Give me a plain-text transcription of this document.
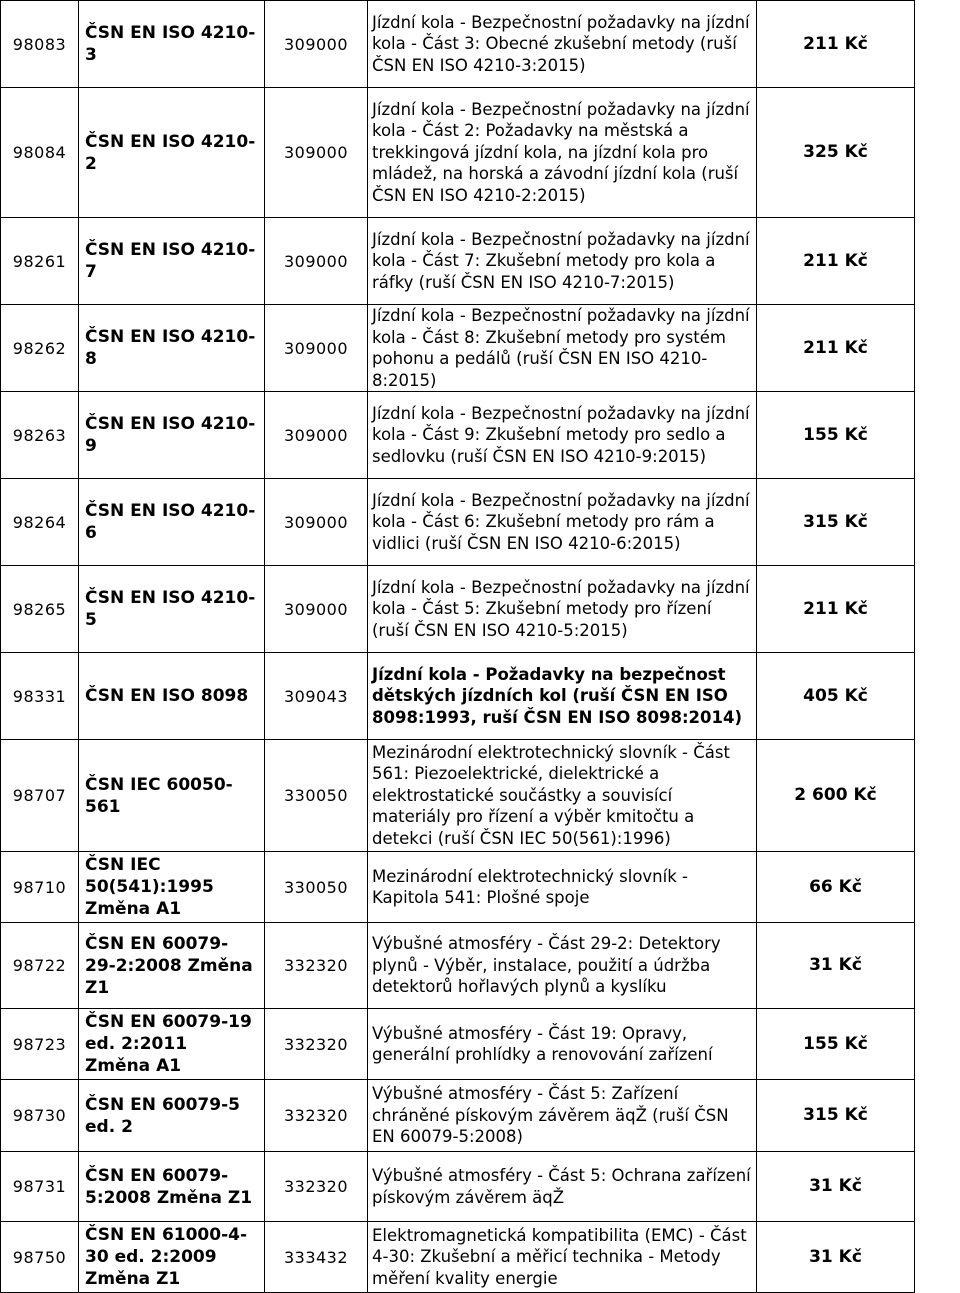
98083	ČSN EN ISO 4210-3	309000	Jízdní kola - Bezpečnostní požadavky na jízdní kola - Část 3: Obecné zkušební metody (ruší ČSN EN ISO 4210-3:2015)	211 Kč	
98084	ČSN EN ISO 4210-2	309000	Jízdní kola - Bezpečnostní požadavky na jízdní kola - Část 2: Požadavky na městská a trekkingová jízdní kola, na jízdní kola pro mládež, na horská a závodní jízdní kola (ruší ČSN EN ISO 4210-2:2015)	325 Kč	
98261	ČSN EN ISO 4210-7	309000	Jízdní kola - Bezpečnostní požadavky na jízdní kola - Část 7: Zkušební metody pro kola a ráfky (ruší ČSN EN ISO 4210-7:2015)	211 Kč	
98262	ČSN EN ISO 4210-8	309000	Jízdní kola - Bezpečnostní požadavky na jízdní kola - Část 8: Zkušební metody pro systém pohonu a pedálů (ruší ČSN EN ISO 4210-8:2015)	211 Kč	
98263	ČSN EN ISO 4210-9	309000	Jízdní kola - Bezpečnostní požadavky na jízdní kola - Část 9: Zkušební metody pro sedlo a sedlovku (ruší ČSN EN ISO 4210-9:2015)	155 Kč	
98264	ČSN EN ISO 4210-6	309000	Jízdní kola - Bezpečnostní požadavky na jízdní kola - Část 6: Zkušební metody pro rám a vidlici (ruší ČSN EN ISO 4210-6:2015)	315 Kč	
98265	ČSN EN ISO 4210-5	309000	Jízdní kola - Bezpečnostní požadavky na jízdní kola - Část 5: Zkušební metody pro řízení (ruší ČSN EN ISO 4210-5:2015)	211 Kč	
98331	ČSN EN ISO 8098	309043	Jízdní kola - Požadavky na bezpečnost dětských jízdních kol (ruší ČSN EN ISO 8098:1993, ruší ČSN EN ISO 8098:2014)	405 Kč	
98707	ČSN IEC 60050-561	330050	Mezinárodní elektrotechnický slovník - Část 561: Piezoelektrické, dielektrické a elektrostatické součástky a souvisící materiály pro řízení a výběr kmitočtu a detekci (ruší ČSN IEC 50(561):1996)	2 600 Kč	
98710	ČSN IEC 50(541):1995 Změna A1	330050	Mezinárodní elektrotechnický slovník - Kapitola 541: Plošné spoje	66 Kč	
98722	ČSN EN 60079-29-2:2008 Změna Z1	332320	Výbušné atmosféry - Část 29-2: Detektory plynů - Výběr, instalace, použití a údržba detektorů hořlavých plynů a kyslíku	31 Kč	
98723	ČSN EN 60079-19 ed. 2:2011 Změna A1	332320	Výbušné atmosféry - Část 19: Opravy, generální prohlídky a renovování zařízení	155 Kč	
98730	ČSN EN 60079-5 ed. 2	332320	Výbušné atmosféry - Část 5: Zařízení chráněné pískovým závěrem äqŽ (ruší ČSN EN 60079-5:2008)	315 Kč	
98731	ČSN EN 60079-5:2008 Změna Z1	332320	Výbušné atmosféry - Část 5: Ochrana zařízení pískovým závěrem äqŽ	31 Kč	
98750	ČSN EN 61000-4-30 ed. 2:2009 Změna Z1	333432	Elektromagnetická kompatibilita (EMC) - Část 4-30: Zkušební a měřicí technika - Metody měření kvality energie	31 Kč	
